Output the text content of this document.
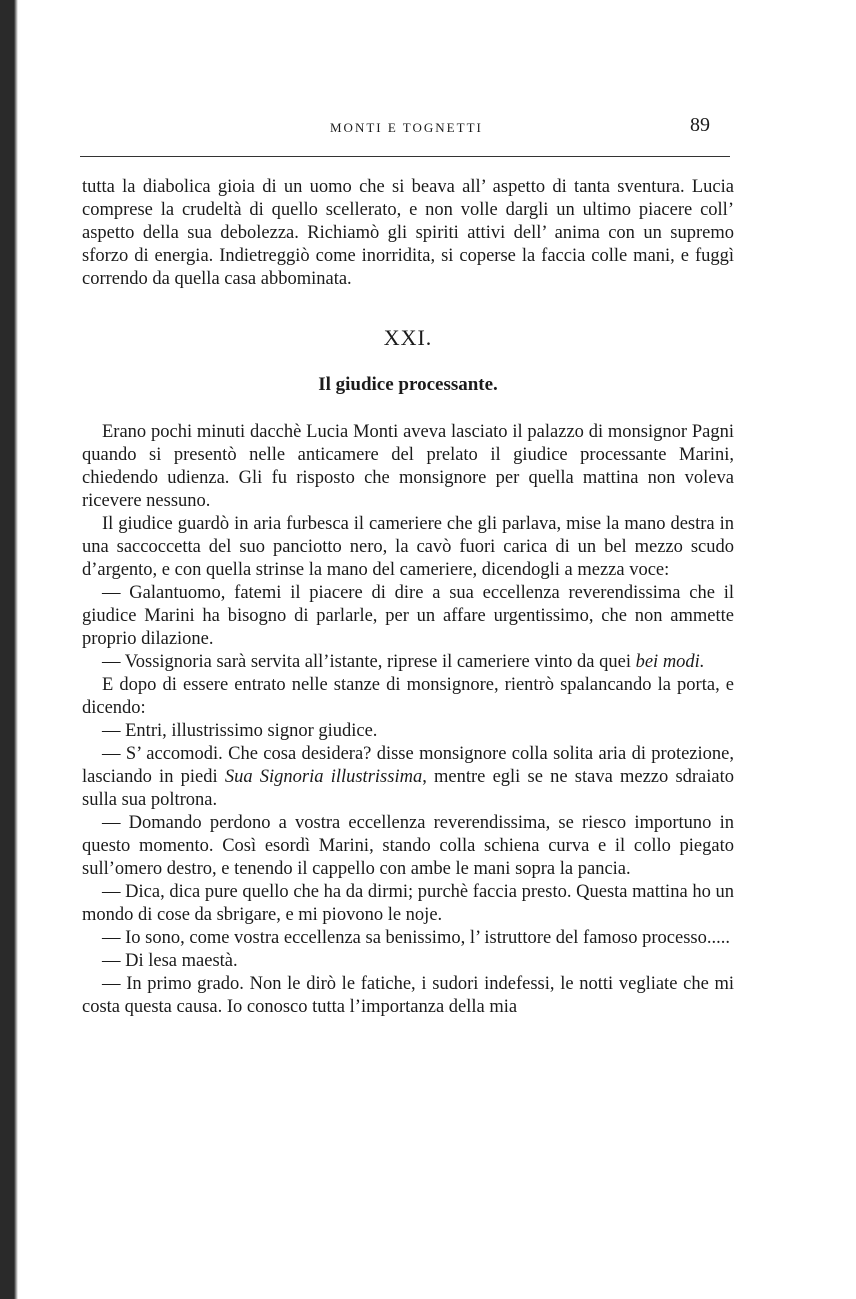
MONTI E TOGNETTI	89

tutta la diabolica gioia di un uomo che si beava all’ aspetto di tanta sventura. Lucia comprese la crudeltà di quello scellerato, e non volle dargli un ultimo piacere coll’ aspetto della sua debolezza. Richiamò gli spiriti attivi dell’ anima con un supremo sforzo di energia. Indietreggiò come inorridita, si coperse la faccia colle mani, e fuggì correndo da quella casa abbominata.

XXI.
Il giudice processante.

Erano pochi minuti dacchè Lucia Monti aveva lasciato il palazzo di monsignor Pagni quando si presentò nelle anticamere del prelato il giudice processante Marini, chiedendo udienza. Gli fu risposto che monsignore per quella mattina non voleva ricevere nessuno.

Il giudice guardò in aria furbesca il cameriere che gli parlava, mise la mano destra in una saccoccetta del suo panciotto nero, la cavò fuori carica di un bel mezzo scudo d’argento, e con quella strinse la mano del cameriere, dicendogli a mezza voce:

— Galantuomo, fatemi il piacere di dire a sua eccellenza reverendissima che il giudice Marini ha bisogno di parlarle, per un affare urgentissimo, che non ammette proprio dilazione.

— Vossignoria sarà servita all’istante, riprese il cameriere vinto da quei bei modi.

E dopo di essere entrato nelle stanze di monsignore, rientrò spalancando la porta, e dicendo:

— Entri, illustrissimo signor giudice.

— S’ accomodi. Che cosa desidera? disse monsignore colla solita aria di protezione, lasciando in piedi Sua Signoria illustrissima, mentre egli se ne stava mezzo sdraiato sulla sua poltrona.

— Domando perdono a vostra eccellenza reverendissima, se riesco importuno in questo momento. Così esordì Marini, stando colla schiena curva e il collo piegato sull’omero destro, e tenendo il cappello con ambe le mani sopra la pancia.

— Dica, dica pure quello che ha da dirmi; purchè faccia presto. Questa mattina ho un mondo di cose da sbrigare, e mi piovono le noje.

— Io sono, come vostra eccellenza sa benissimo, l’ istruttore del famoso processo.....

— Di lesa maestà.

— In primo grado. Non le dirò le fatiche, i sudori indefessi, le notti vegliate che mi costa questa causa. Io conosco tutta l’importanza della mia
